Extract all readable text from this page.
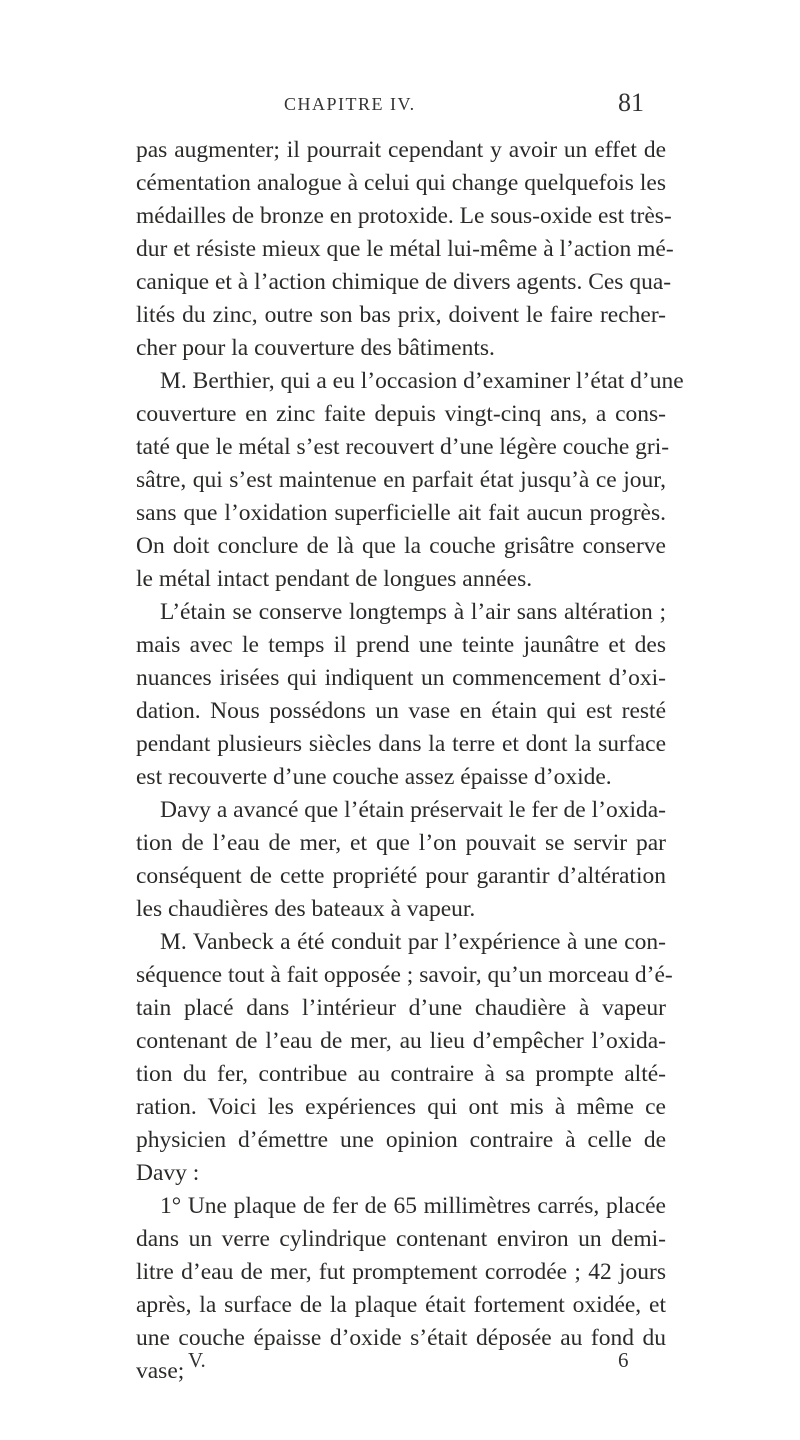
CHAPITRE IV.	81
pas augmenter; il pourrait cependant y avoir un effet de
cémentation analogue à celui qui change quelquefois les
médailles de bronze en protoxide. Le sous-oxide est très-
dur et résiste mieux que le métal lui-même à l’action mé-
canique et à l’action chimique de divers agents. Ces qua-
lités du zinc, outre son bas prix, doivent le faire recher-
cher pour la couverture des bâtiments.
M. Berthier, qui a eu l’occasion d’examiner l’état d’une
couverture en zinc faite depuis vingt-cinq ans, a cons-
taté que le métal s’est recouvert d’une légère couche gri-
sâtre, qui s’est maintenue en parfait état jusqu’à ce jour,
sans que l’oxidation superficielle ait fait aucun progrès.
On doit conclure de là que la couche grisâtre conserve
le métal intact pendant de longues années.
L’étain se conserve longtemps à l’air sans altération ;
mais avec le temps il prend une teinte jaunâtre et des
nuances irisées qui indiquent un commencement d’oxi-
dation. Nous possédons un vase en étain qui est resté
pendant plusieurs siècles dans la terre et dont la surface
est recouverte d’une couche assez épaisse d’oxide.
Davy a avancé que l’étain préservait le fer de l’oxida-
tion de l’eau de mer, et que l’on pouvait se servir par
conséquent de cette propriété pour garantir d’altération
les chaudières des bateaux à vapeur.
M. Vanbeck a été conduit par l’expérience à une con-
séquence tout à fait opposée ; savoir, qu’un morceau d’é-
tain placé dans l’intérieur d’une chaudière à vapeur
contenant de l’eau de mer, au lieu d’empêcher l’oxida-
tion du fer, contribue au contraire à sa prompte alté-
ration. Voici les expériences qui ont mis à même ce
physicien d’émettre une opinion contraire à celle de
Davy :
1° Une plaque de fer de 65 millimètres carrés, placée
dans un verre cylindrique contenant environ un demi-
litre d’eau de mer, fut promptement corrodée ; 42 jours
après, la surface de la plaque était fortement oxidée, et
une couche épaisse d’oxide s’était déposée au fond du
vase; V.	6
